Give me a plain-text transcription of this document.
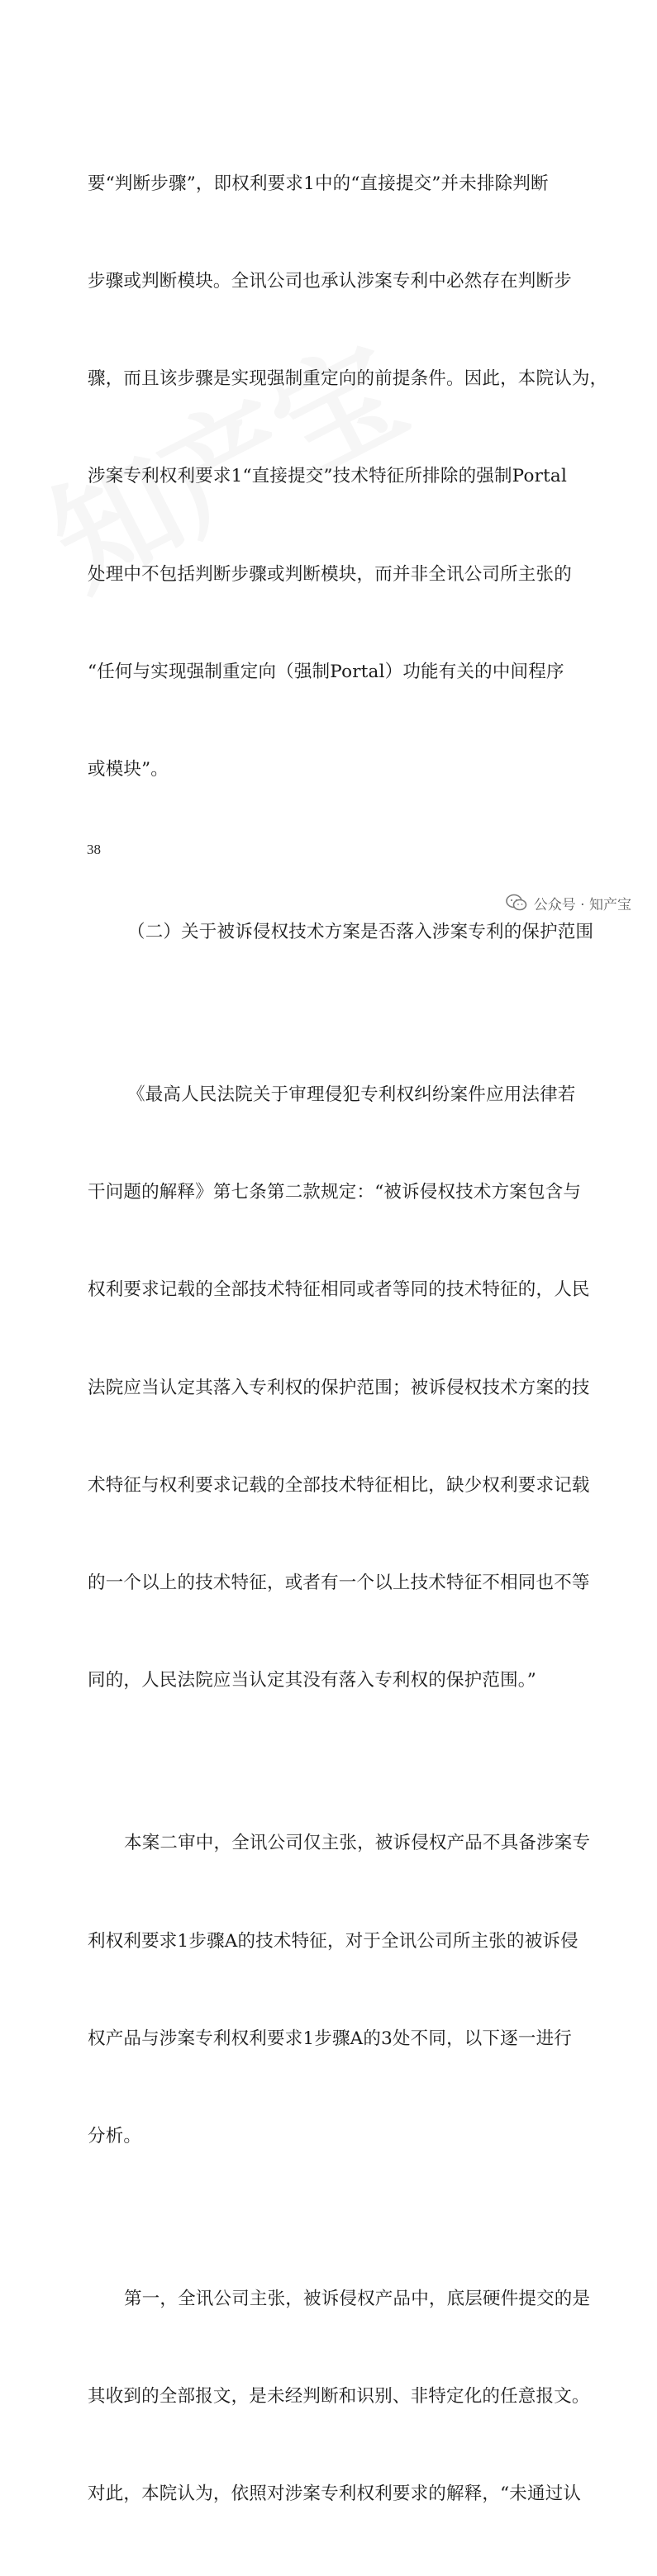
要“判断步骤”，即权利要求1中的“直接提交”并未排除判断

步骤或判断模块。全讯公司也承认涉案专利中必然存在判断步

骤，而且该步骤是实现强制重定向的前提条件。因此，本院认为，

涉案专利权利要求1“直接提交”技术特征所排除的强制Portal

处理中不包括判断步骤或判断模块，而并非全讯公司所主张的

“任何与实现强制重定向（强制Portal）功能有关的中间程序

或模块”。

（二）关于被诉侵权技术方案是否落入涉案专利的保护范围

《最高人民法院关于审理侵犯专利权纠纷案件应用法律若

干问题的解释》第七条第二款规定：“被诉侵权技术方案包含与

权利要求记载的全部技术特征相同或者等同的技术特征的，人民

法院应当认定其落入专利权的保护范围；被诉侵权技术方案的技

术特征与权利要求记载的全部技术特征相比，缺少权利要求记载

的一个以上的技术特征，或者有一个以上技术特征不相同也不等

同的，人民法院应当认定其没有落入专利权的保护范围。”

本案二审中，全讯公司仅主张，被诉侵权产品不具备涉案专

利权利要求1步骤A的技术特征，对于全讯公司所主张的被诉侵

权产品与涉案专利权利要求1步骤A的3处不同，以下逐一进行

分析。

第一，全讯公司主张，被诉侵权产品中，底层硬件提交的是

其收到的全部报文，是未经判断和识别、非特定化的任意报文。

对此，本院认为，依照对涉案专利权利要求的解释，“未通过认

38
公众号 · 知产宝
